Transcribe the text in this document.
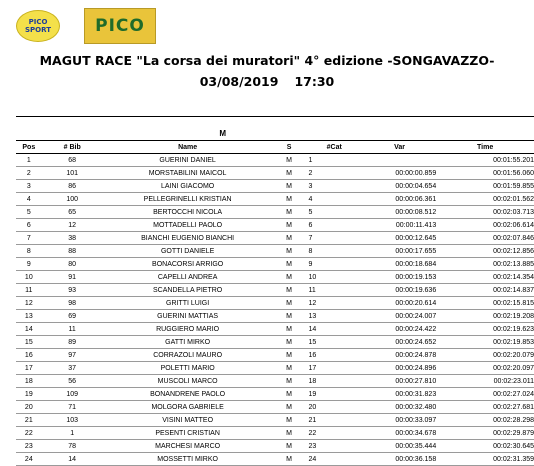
PICO
SPORT	PICO
MAGUT RACE "La corsa dei muratori" 4° edizione -SONGAVAZZO-
03/08/2019 17:30
M
Pos	# Bib	Name	S	#Cat	Var	Time
1	68	GUERINI DANIEL	M	1		00:01:55.201
2	101	MORSTABILINI MAICOL	M	2	00:00:00.859	00:01:56.060
3	86	LAINI GIACOMO	M	3	00:00:04.654	00:01:59.855
4	100	PELLEGRINELLI KRISTIAN	M	4	00:00:06.361	00:02:01.562
5	65	BERTOCCHI NICOLA	M	5	00:00:08.512	00:02:03.713
6	12	MOTTADELLI PAOLO	M	6	00:00:11.413	00:02:06.614
7	38	BIANCHI EUGENIO BIANCHI	M	7	00:00:12.645	00:02:07.846
8	88	GOTTI DANIELE	M	8	00:00:17.655	00:02:12.856
9	80	BONACORSI ARRIGO	M	9	00:00:18.684	00:02:13.885
10	91	CAPELLI ANDREA	M	10	00:00:19.153	00:02:14.354
11	93	SCANDELLA PIETRO	M	11	00:00:19.636	00:02:14.837
12	98	GRITTI LUIGI	M	12	00:00:20.614	00:02:15.815
13	69	GUERINI MATTIAS	M	13	00:00:24.007	00:02:19.208
14	11	RUGGIERO MARIO	M	14	00:00:24.422	00:02:19.623
15	89	GATTI MIRKO	M	15	00:00:24.652	00:02:19.853
16	97	CORRAZOLI MAURO	M	16	00:00:24.878	00:02:20.079
17	37	POLETTI MARIO	M	17	00:00:24.896	00:02:20.097
18	56	MUSCOLI MARCO	M	18	00:00:27.810	00:02:23.011
19	109	BONANDRENE PAOLO	M	19	00:00:31.823	00:02:27.024
20	71	MOLGORA GABRIELE	M	20	00:00:32.480	00:02:27.681
21	103	VISINI MATTEO	M	21	00:00:33.097	00:02:28.298
22	1	PESENTI CRISTIAN	M	22	00:00:34.678	00:02:29.879
23	78	MARCHESI MARCO	M	23	00:00:35.444	00:02:30.645
24	14	MOSSETTI MIRKO	M	24	00:00:36.158	00:02:31.359
